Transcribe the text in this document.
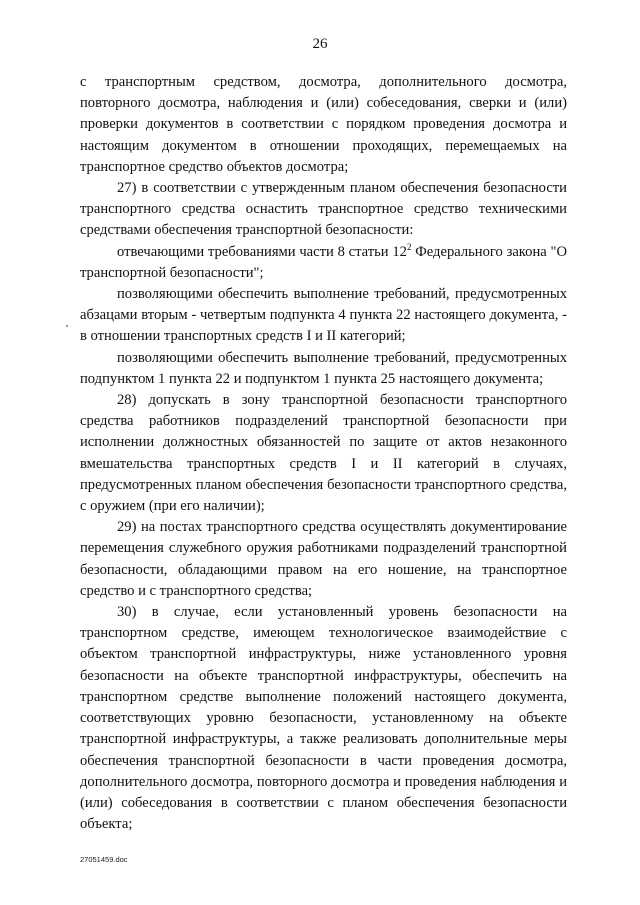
26

с транспортным средством, досмотра, дополнительного досмотра, повторного досмотра, наблюдения и (или) собеседования, сверки и (или) проверки документов в соответствии с порядком проведения досмотра и настоящим документом в отношении проходящих, перемещаемых на транспортное средство объектов досмотра;

27) в соответствии с утвержденным планом обеспечения безопасности транспортного средства оснастить транспортное средство техническими средствами обеспечения транспортной безопасности:

отвечающими требованиями части 8 статьи $12^2$ Федерального закона "О транспортной безопасности";

позволяющими обеспечить выполнение требований, предусмотренных абзацами вторым - четвертым подпункта 4 пункта 22 настоящего документа, - в отношении транспортных средств I и II категорий;

позволяющими обеспечить выполнение требований, предусмотренных подпунктом 1 пункта 22 и подпунктом 1 пункта 25 настоящего документа;

28) допускать в зону транспортной безопасности транспортного средства работников подразделений транспортной безопасности при исполнении должностных обязанностей по защите от актов незаконного вмешательства транспортных средств I и II категорий в случаях, предусмотренных планом обеспечения безопасности транспортного средства, с оружием (при его наличии);

29) на постах транспортного средства осуществлять документирование перемещения служебного оружия работниками подразделений транспортной безопасности, обладающими правом на его ношение, на транспортное средство и с транспортного средства;

30) в случае, если установленный уровень безопасности на транспортном средстве, имеющем технологическое взаимодействие с объектом транспортной инфраструктуры, ниже установленного уровня безопасности на объекте транспортной инфраструктуры, обеспечить на транспортном средстве выполнение положений настоящего документа, соответствующих уровню безопасности, установленному на объекте транспортной инфраструктуры, а также реализовать дополнительные меры обеспечения транспортной безопасности в части проведения досмотра, дополнительного досмотра, повторного досмотра и проведения наблюдения и (или) собеседования в соответствии с планом обеспечения безопасности объекта;

27051459.doc
